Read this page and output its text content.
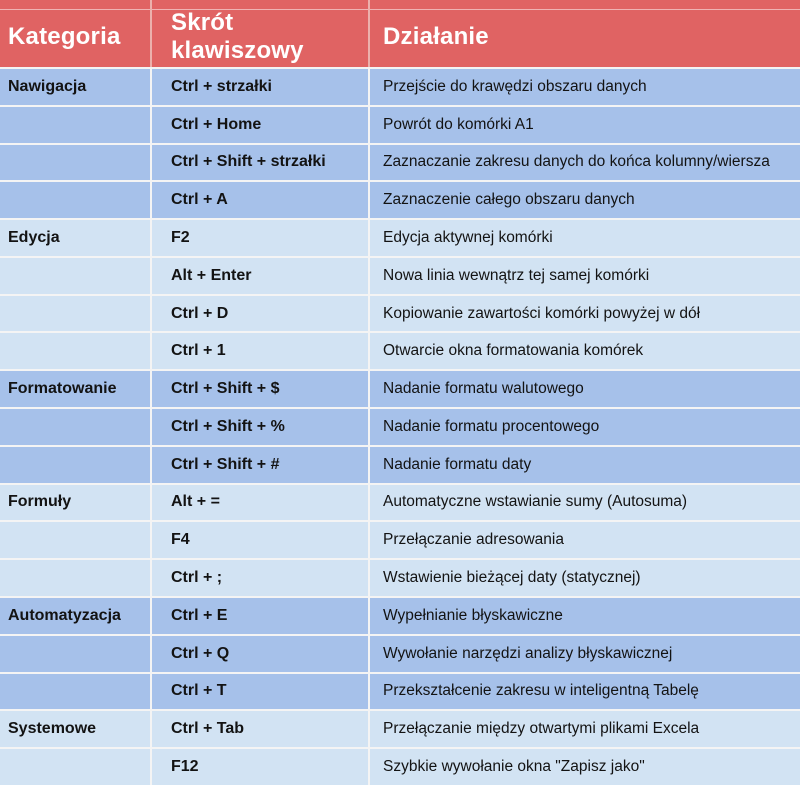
Kategoria	Skrót klawiszowy	Działanie
Nawigacja	Ctrl + strzałki	Przejście do krawędzi obszaru danych
	Ctrl + Home	Powrót do komórki A1
	Ctrl + Shift + strzałki	Zaznaczanie zakresu danych do końca kolumny/wiersza
	Ctrl + A	Zaznaczenie całego obszaru danych
Edycja	F2	Edycja aktywnej komórki
	Alt + Enter	Nowa linia wewnątrz tej samej komórki
	Ctrl + D	Kopiowanie zawartości komórki powyżej w dół
	Ctrl + 1	Otwarcie okna formatowania komórek
Formatowanie	Ctrl + Shift + $	Nadanie formatu walutowego
	Ctrl + Shift + %	Nadanie formatu procentowego
	Ctrl + Shift + #	Nadanie formatu daty
Formuły	Alt + =	Automatyczne wstawianie sumy (Autosuma)
	F4	Przełączanie adresowania
	Ctrl + ;	Wstawienie bieżącej daty (statycznej)
Automatyzacja	Ctrl + E	Wypełnianie błyskawiczne
	Ctrl + Q	Wywołanie narzędzi analizy błyskawicznej
	Ctrl + T	Przekształcenie zakresu w inteligentną Tabelę
Systemowe	Ctrl + Tab	Przełączanie między otwartymi plikami Excela
	F12	Szybkie wywołanie okna "Zapisz jako"
